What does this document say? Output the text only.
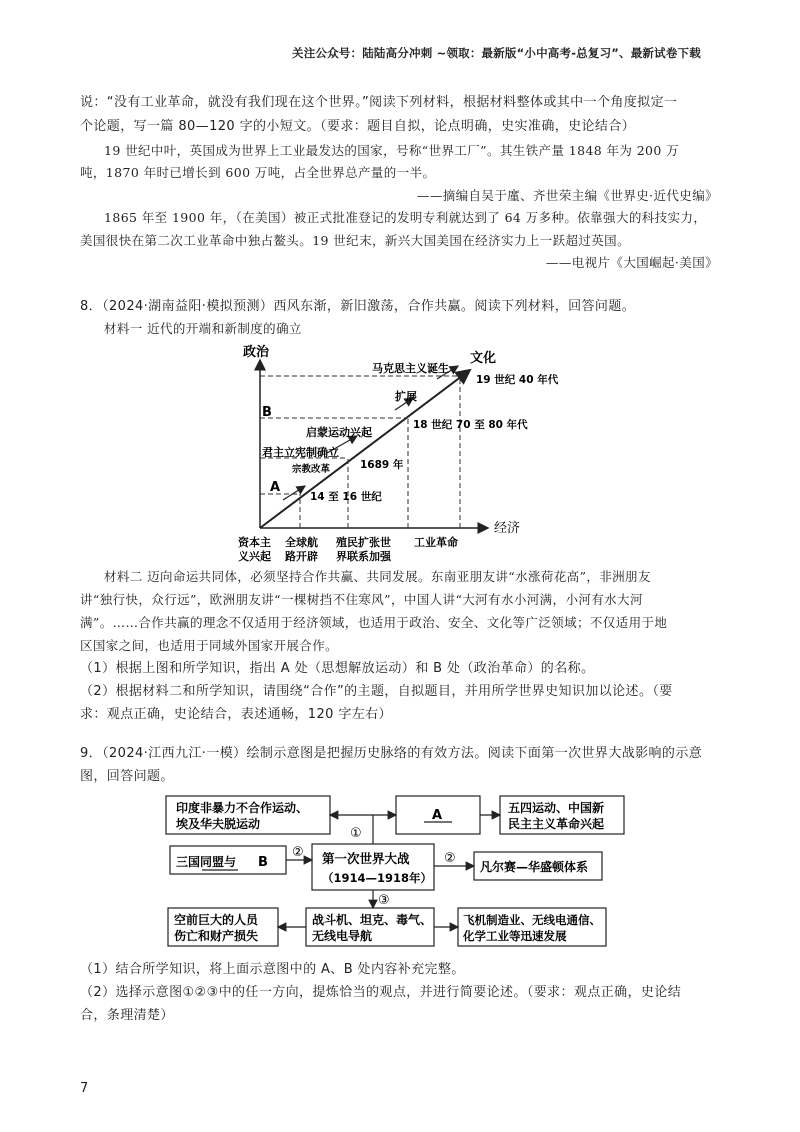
关注公众号：陆陆高分冲刺 ~领取：最新版“小中高考-总复习”、最新试卷下载
说：“没有工业革命，就没有我们现在这个世界。”阅读下列材料，根据材料整体或其中一个角度拟定一
个论题，写一篇 80—120 字的小短文。（要求：题目自拟，论点明确，史实准确，史论结合）
19 世纪中叶，英国成为世界上工业最发达的国家，号称“世界工厂”。其生铁产量 1848 年为 200 万
吨，1870 年时已增长到 600 万吨，占全世界总产量的一半。
——摘编自吴于廑、齐世荣主编《世界史·近代史编》
1865 年至 1900 年，（在美国）被正式批准登记的发明专利就达到了 64 万多种。依靠强大的科技实力，
美国很快在第二次工业革命中独占鳌头。19 世纪末，新兴大国美国在经济实力上一跃超过英国。
——电视片《大国崛起·美国》
8．（2024·湖南益阳·模拟预测）西风东渐，新旧激荡，合作共赢。阅读下列材料，回答问题。
材料一 近代的开端和新制度的确立
政治
经济
文化
A
君主立宪制确立
B
宗教改革
启蒙运动兴起
扩展
马克思主义诞生
14 至 16 世纪
1689 年
18 世纪 70 至 80 年代
19 世纪 40 年代
资本主
义兴起
全球航
路开辟
殖民扩张世
界联系加强
工业革命
材料二 迈向命运共同体，必须坚持合作共赢、共同发展。东南亚朋友讲“水涨荷花高”，非洲朋友
讲“独行快，众行远”，欧洲朋友讲“一棵树挡不住寒风”，中国人讲“大河有水小河满，小河有水大河
满”。……合作共赢的理念不仅适用于经济领域，也适用于政治、安全、文化等广泛领域；不仅适用于地
区国家之间，也适用于同域外国家开展合作。
（1）根据上图和所学知识，指出 A 处（思想解放运动）和 B 处（政治革命）的名称。
（2）根据材料二和所学知识，请围绕“合作”的主题，自拟题目，并用所学世界史知识加以论述。（要
求：观点正确，史论结合，表述通畅，120 字左右）
9．（2024·江西九江·一模）绘制示意图是把握历史脉络的有效方法。阅读下面第一次世界大战影响的示意
图，回答问题。
印度非暴力不合作运动、
埃及华夫脱运动
A	五四运动、中国新
民主主义革命兴起
三国同盟与 B	第一次世界大战
（1914—1918年）
凡尔赛—华盛顿体系
空前巨大的人员
伤亡和财产损失
战斗机、坦克、毒气、
无线电导航
飞机制造业、无线电通信、
化学工业等迅速发展
①
②	②
③
（1）结合所学知识，将上面示意图中的 A、B 处内容补充完整。
（2）选择示意图①②③中的任一方向，提炼恰当的观点，并进行简要论述。（要求：观点正确，史论结
合，条理清楚）
7
